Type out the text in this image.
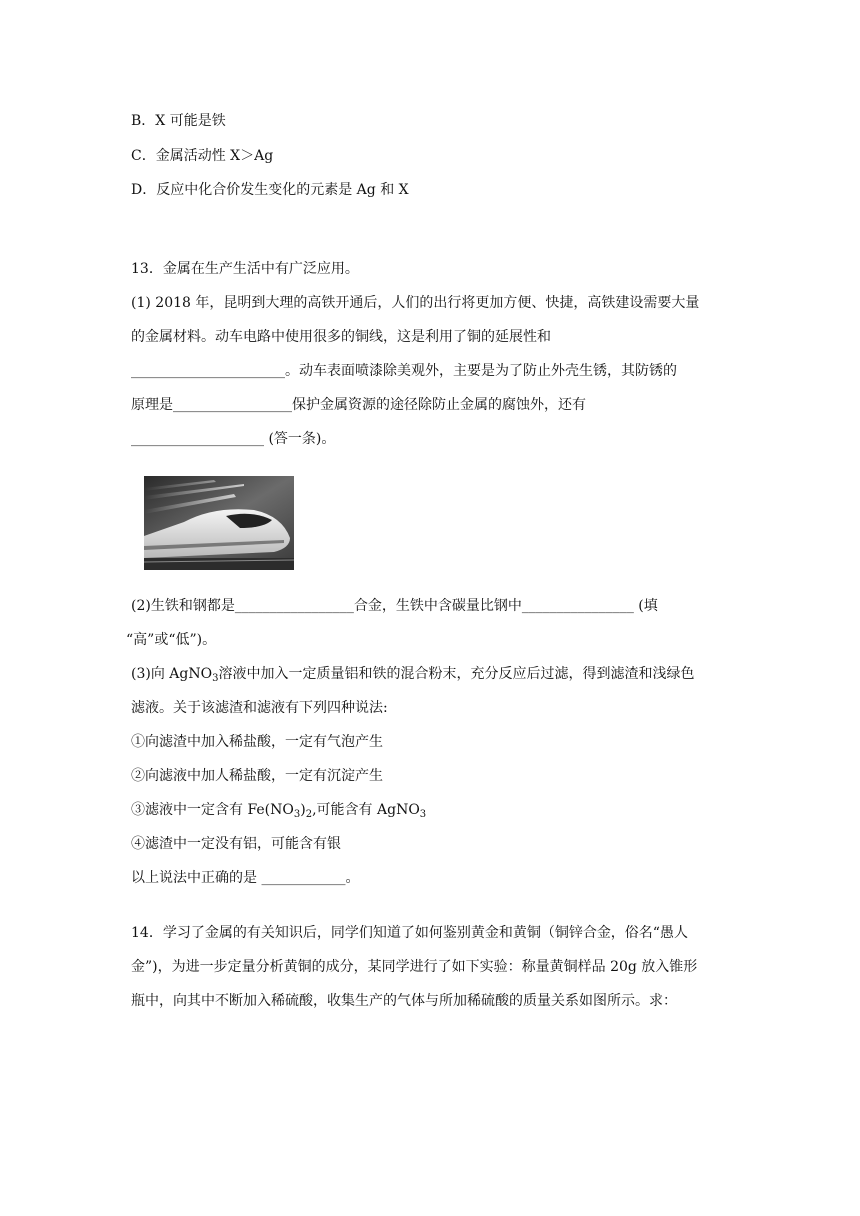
B．X 可能是铁
C．金属活动性 X＞Ag
D．反应中化合价发生变化的元素是 Ag 和 X
13．金属在生产生活中有广泛应用。
(1) 2018 年，昆明到大理的高铁开通后，人们的出行将更加方便、快捷，高铁建设需要大量
的金属材料。动车电路中使用很多的铜线，这是利用了铜的延展性和
______________________。动车表面喷漆除美观外，主要是为了防止外壳生锈，其防锈的
原理是_________________保护金属资源的途径除防止金属的腐蚀外，还有
___________________ (答一条)。
(2)生铁和钢都是_________________合金，生铁中含碳量比钢中________________ (填
“高”或“低”)。
(3)向 AgNO$_3$溶液中加入一定质量铝和铁的混合粉末，充分反应后过滤，得到滤渣和浅绿色
滤液。关于该滤渣和滤液有下列四种说法:
①向滤渣中加入稀盐酸，一定有气泡产生
②向滤液中加人稀盐酸，一定有沉淀产生
③滤液中一定含有 $Fe(NO_3)_2$,可能含有 AgNO$_3$
④滤渣中一定没有铝，可能含有银
以上说法中正确的是 ____________。
14．学习了金属的有关知识后，同学们知道了如何鉴别黄金和黄铜（铜锌合金，俗名“愚人
金”)，为进一步定量分析黄铜的成分，某同学进行了如下实验：称量黄铜样品 20g 放入锥形
瓶中，向其中不断加入稀硫酸，收集生产的气体与所加稀硫酸的质量关系如图所示。求：
